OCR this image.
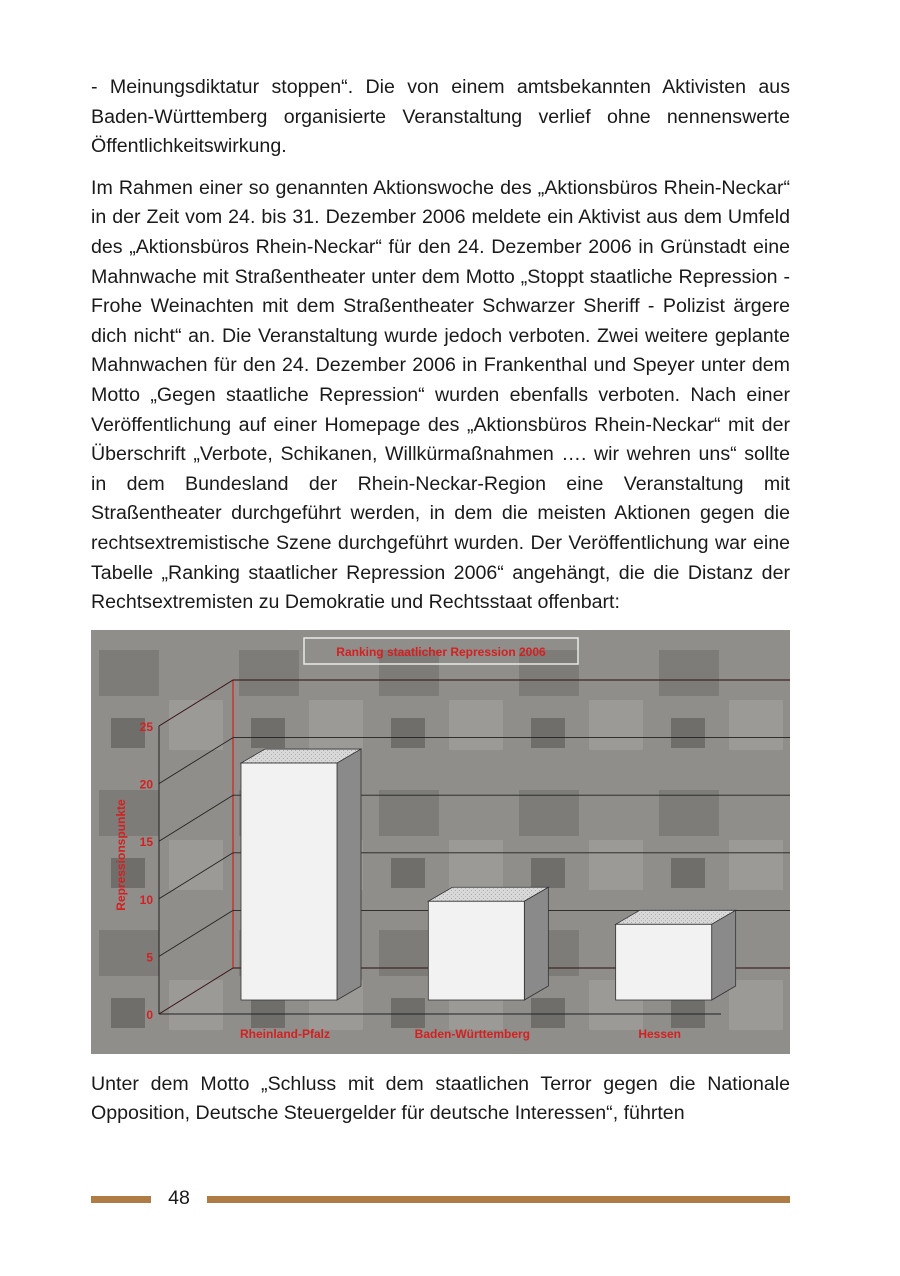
- Meinungsdiktatur stoppen“. Die von einem amtsbekannten Aktivisten aus Baden-Württemberg organisierte Veranstaltung verlief ohne nennenswerte Öffentlichkeitswirkung.

Im Rahmen einer so genannten Aktionswoche des „Aktionsbüros Rhein-Neckar“ in der Zeit vom 24. bis 31. Dezember 2006 meldete ein Aktivist aus dem Umfeld des „Aktionsbüros Rhein-Neckar“ für den 24. Dezember 2006 in Grünstadt eine Mahnwache mit Straßentheater unter dem Motto „Stoppt staatliche Repression - Frohe Weinachten mit dem Straßentheater Schwarzer Sheriff - Polizist ärgere dich nicht“ an. Die Veranstaltung wurde jedoch verboten. Zwei weitere geplante Mahnwachen für den 24. Dezember 2006 in Frankenthal und Speyer unter dem Motto „Gegen staatliche Repression“ wurden ebenfalls verboten. Nach einer Veröffentlichung auf einer Homepage des „Aktionsbüros Rhein-Neckar“ mit der Überschrift „Verbote, Schikanen, Willkürmaßnahmen …. wir wehren uns“ sollte in dem Bundesland der Rhein-Neckar-Region eine Veranstaltung mit Straßentheater durchgeführt werden, in dem die meisten Aktionen gegen die rechtsextremistische Szene durchgeführt wurden. Der Veröffentlichung war eine Tabelle „Ranking staatlicher Repression 2006“ angehängt, die die Distanz der Rechtsextremisten zu Demokratie und Rechtsstaat offenbart:

0
5
10
15
20
25
Rheinland-Pfalz	Baden-Württemberg	Hessen
Ranking staatlicher Repression 2006
Repressionspunkte

Unter dem Motto „Schluss mit dem staatlichen Terror gegen die Nationale Opposition, Deutsche Steuergelder für deutsche Interessen“, führten

48
